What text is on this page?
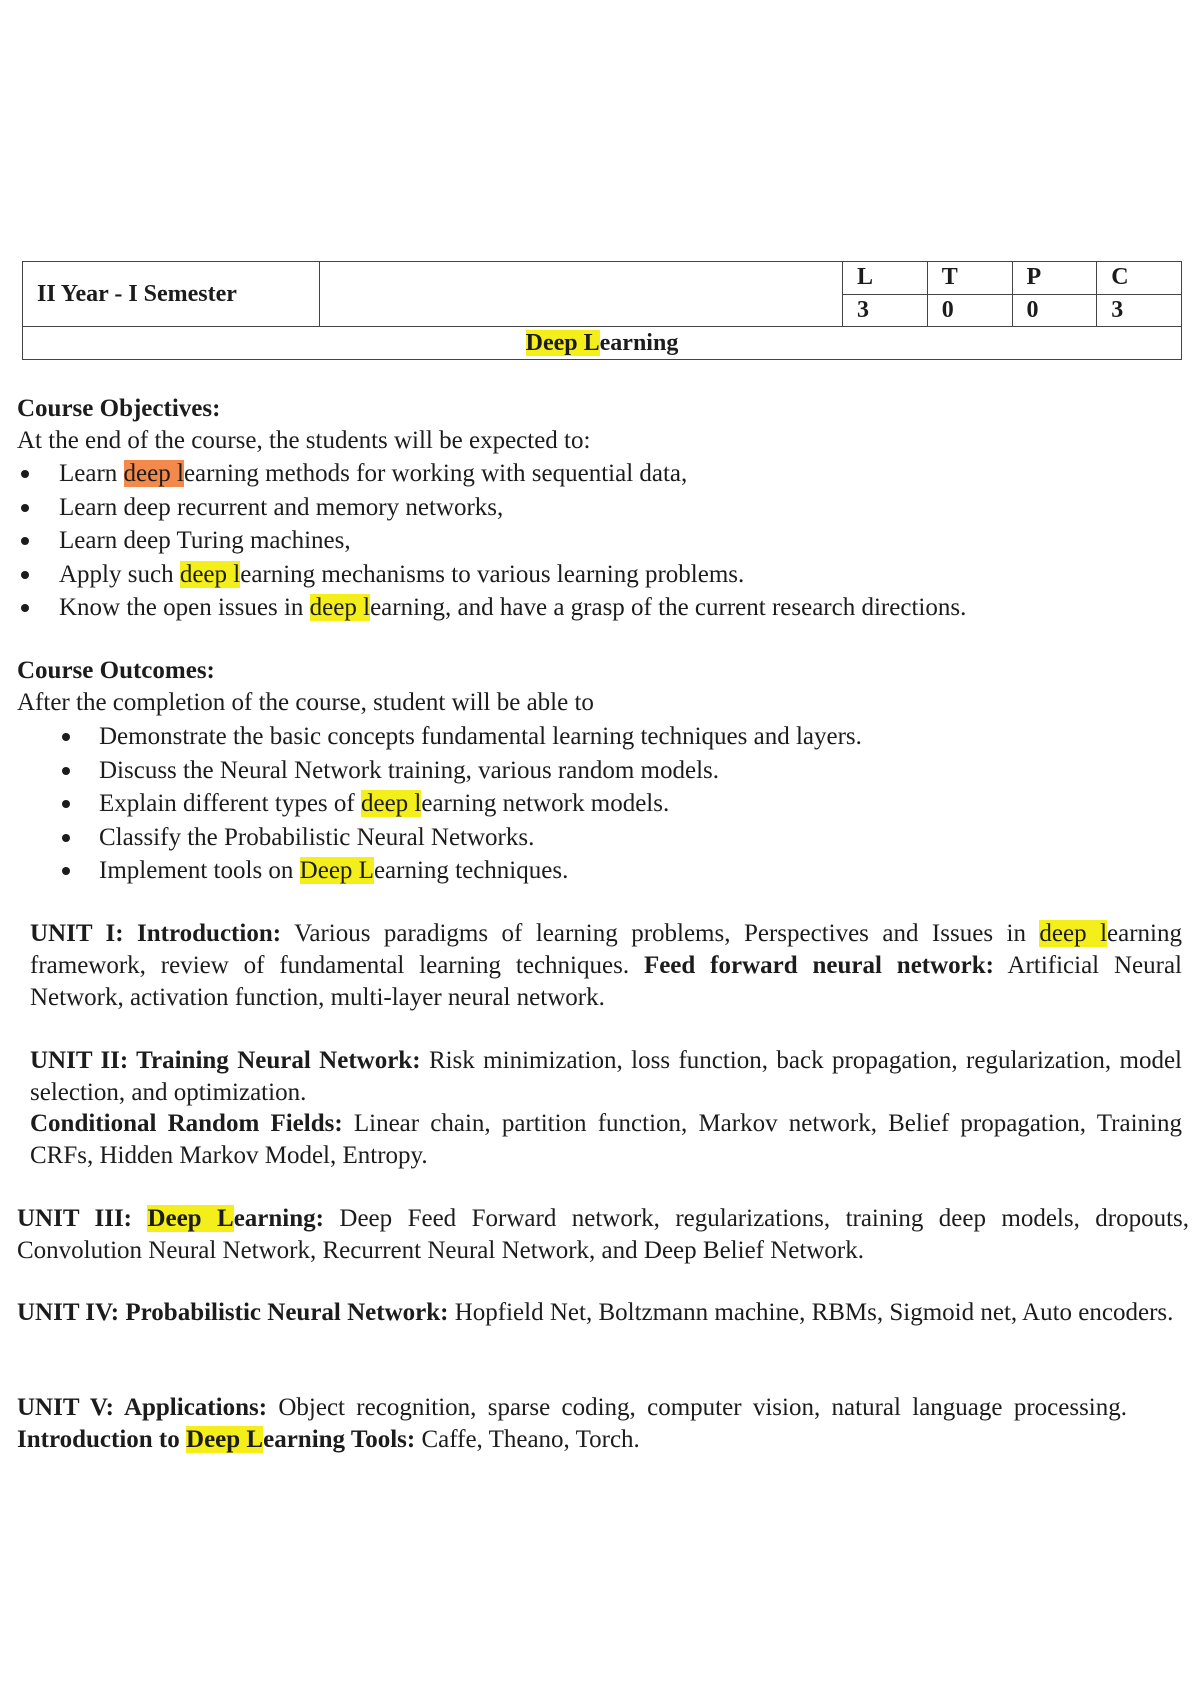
II Year - I Semester		L	T	P	C
		3	0	0	3
Deep Learning					
Course Objectives:
At the end of the course, the students will be expected to:
Learn deep learning methods for working with sequential data,
Learn deep recurrent and memory networks,
Learn deep Turing machines,
Apply such deep learning mechanisms to various learning problems.
Know the open issues in deep learning, and have a grasp of the current research directions.
Course Outcomes:
After the completion of the course, student will be able to
Demonstrate the basic concepts fundamental learning techniques and layers.
Discuss the Neural Network training, various random models.
Explain different types of deep learning network models.
Classify the Probabilistic Neural Networks.
Implement tools on Deep Learning techniques.
UNIT I: Introduction: Various paradigms of learning problems, Perspectives and Issues in deep learning framework, review of fundamental learning techniques. Feed forward neural network: Artificial Neural Network, activation function, multi-layer neural network.
UNIT II: Training Neural Network: Risk minimization, loss function, back propagation, regularization, model selection, and optimization.
Conditional Random Fields: Linear chain, partition function, Markov network, Belief propagation, Training CRFs, Hidden Markov Model, Entropy.
UNIT III: Deep Learning: Deep Feed Forward network, regularizations, training deep models, dropouts, Convolution Neural Network, Recurrent Neural Network, and Deep Belief Network.
UNIT IV: Probabilistic Neural Network: Hopfield Net, Boltzmann machine, RBMs, Sigmoid net, Auto encoders.
UNIT V: Applications: Object recognition, sparse coding, computer vision, natural language processing. Introduction to Deep Learning Tools: Caffe, Theano, Torch.
